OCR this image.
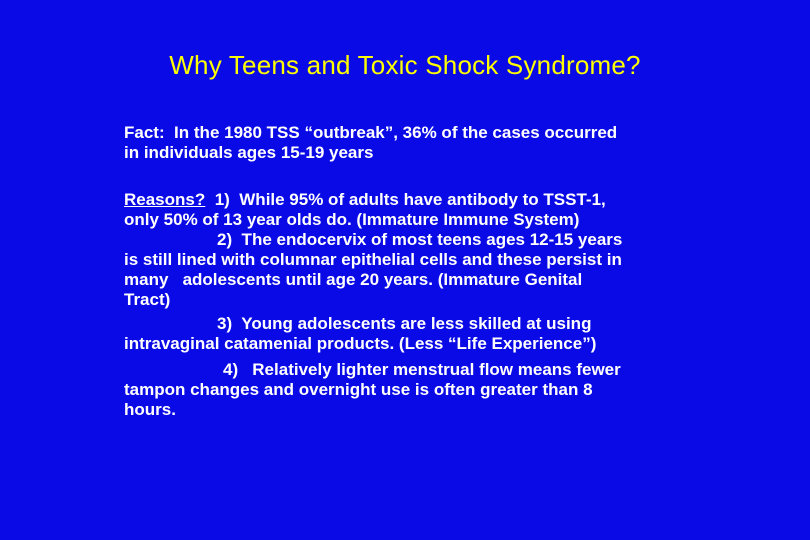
Why Teens and Toxic Shock Syndrome?
Fact:  In the 1980 TSS “outbreak”, 36% of the cases occurred
in individuals ages 15-19 years
Reasons?  1)  While 95% of adults have antibody to TSST-1,
only 50% of 13 year olds do. (Immature Immune System)
2)  The endocervix of most teens ages 12-15 years
is still lined with columnar epithelial cells and these persist in
many   adolescents until age 20 years. (Immature Genital
Tract)
3)  Young adolescents are less skilled at using
intravaginal catamenial products. (Less “Life Experience”)
4)   Relatively lighter menstrual flow means fewer
tampon changes and overnight use is often greater than 8
hours.
